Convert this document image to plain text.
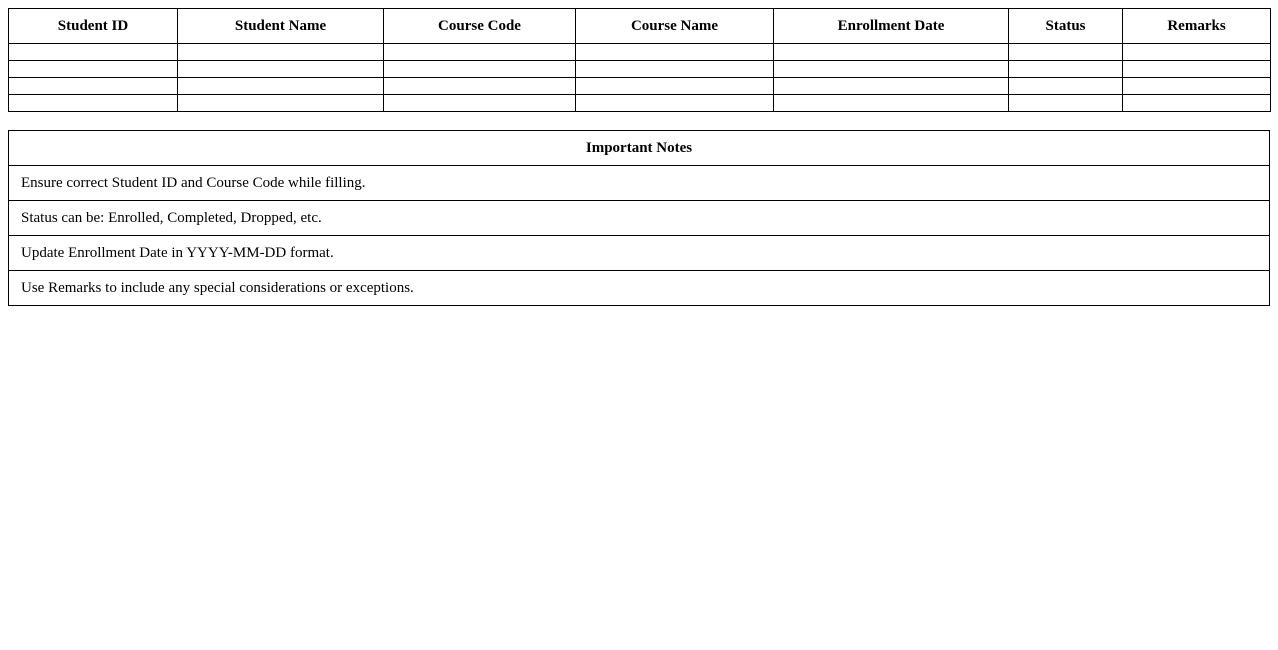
Student ID	Student Name	Course Code	Course Name	Enrollment Date	Status	Remarks

Important Notes
Ensure correct Student ID and Course Code while filling.
Status can be: Enrolled, Completed, Dropped, etc.
Update Enrollment Date in YYYY-MM-DD format.
Use Remarks to include any special considerations or exceptions.
